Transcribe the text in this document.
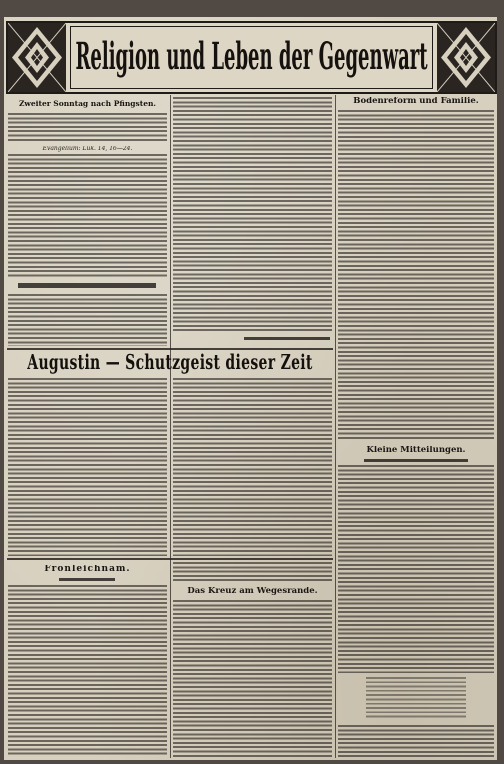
Religion und Leben der Gegenwart
Zweiter Sonntag nach Pfingsten.
Evangelium: Luk. 14, 16—24.
Augustin — Schutzgeist dieser Zeit
Fronleichnam.
Das Kreuz am Wegesrande.
Bodenreform und Familie.
Kleine Mitteilungen.
